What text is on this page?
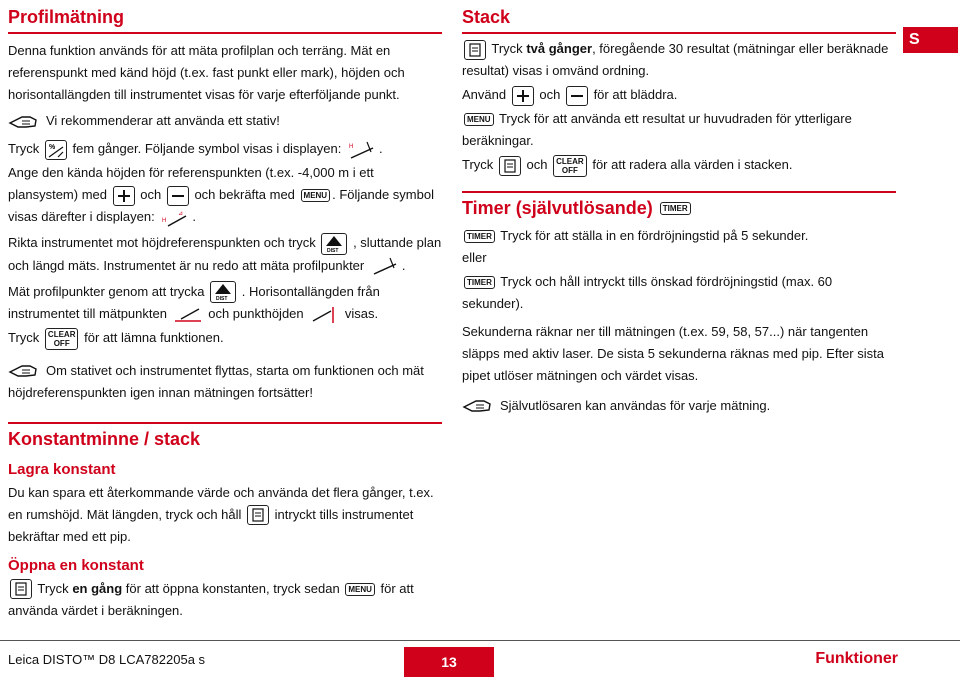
Profilmätning

Denna funktion används för att mäta profilplan och terräng. Mät en referenspunkt med känd höjd (t.ex. fast punkt eller mark), höjden och horisontallängden till instrumentet visas för varje efterföljande punkt.

Vi rekommenderar att använda ett stativ!

Tryck % fem gånger. Följande symbol visas i displayen: H .

Ange den kända höjden för referenspunkten (t.ex. -4,000 m i ett plansystem) med	och	och bekräfta med MENU . Följande symbol visas därefter i displayen: H
⊿ .

Rikta instrumentet mot höjdreferenspunkten och tryck
DIST
, sluttande plan och längd mäts. Instrumentet är nu redo att mäta profilpunkter	.

Mät profilpunkter genom att trycka
DIST
. Horisontallängden från instrumentet till mätpunkten	och punkthöjden	visas.

Tryck CLEAR
OFF för att lämna funktionen.

Om stativet och instrumentet flyttas, starta om funktionen och mät höjdreferenspunkten igen innan mätningen fortsätter!

Konstantminne / stack
Lagra konstant

Du kan spara ett återkommande värde och använda det flera gånger, t.ex. en rumshöjd. Mät längden, tryck och håll	intryckt tills instrumentet bekräftar med ett pip.

Öppna en konstant

Tryck en gång för att öppna konstanten, tryck sedan MENU för att använda värdet i beräkningen.

Stack

Tryck två gånger, föregående 30 resultat (mätningar eller beräknade resultat) visas i omvänd ordning.

Använd	och	för att bläddra.

MENU Tryck för att använda ett resultat ur huvudraden för ytterligare beräkningar.

Tryck	och CLEAR
OFF för att radera alla värden i stacken.

Timer (självutlösande) TIMER

TIMER Tryck för att ställa in en fördröjningstid på 5 sekunder.

eller

TIMER Tryck och håll intryckt tills önskad fördröjningstid (max. 60 sekunder).

Sekunderna räknar ner till mätningen (t.ex. 59, 58, 57...) när tangenten släpps med aktiv laser. De sista 5 sekunderna räknas med pip. Efter sista pipet utlöser mätningen och värdet visas.

Självutlösaren kan användas för varje mätning.

S
Leica DISTO™ D8 LCA782205a s	13	Funktioner
